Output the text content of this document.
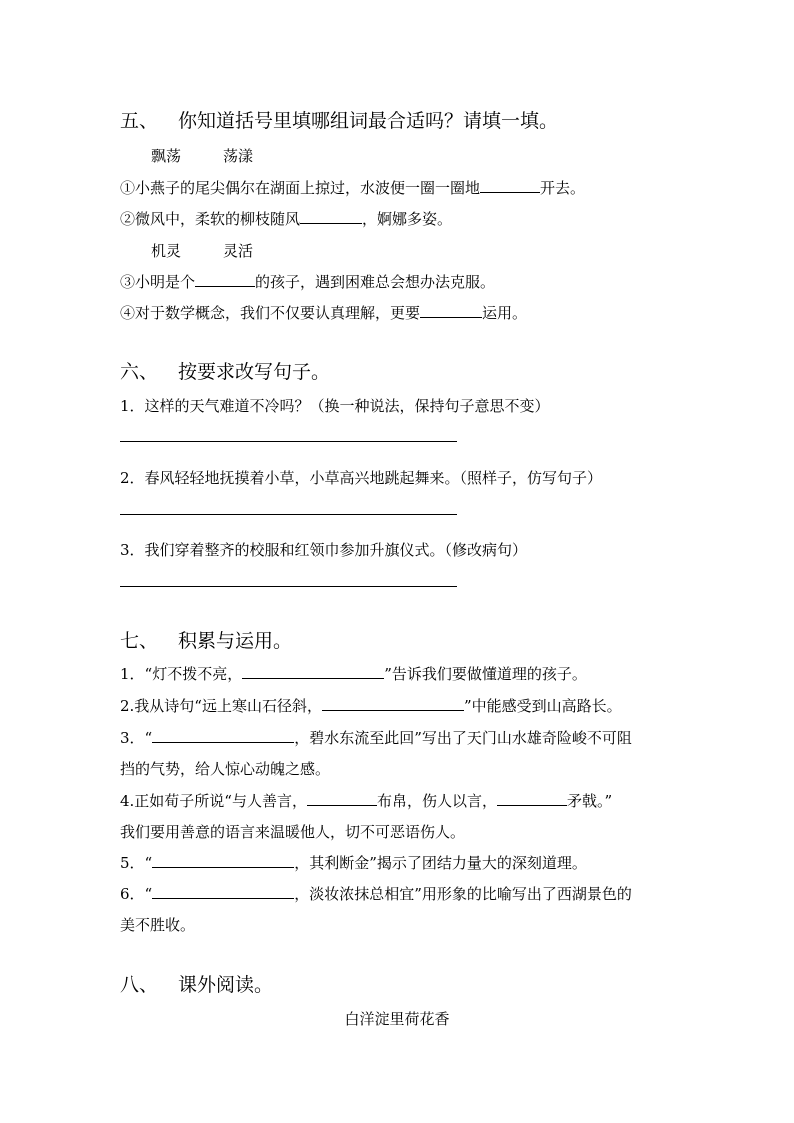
五、 你知道括号里填哪组词最合适吗？请填一填。
飘荡	荡漾
①小燕子的尾尖偶尔在湖面上掠过，水波便一圈一圈地	开去。
②微风中，柔软的柳枝随风	，婀娜多姿。
机灵	灵活
③小明是个	的孩子，遇到困难总会想办法克服。
④对于数学概念，我们不仅要认真理解，更要	运用。
六、 按要求改写句子。
1．这样的天气难道不冷吗？（换一种说法，保持句子意思不变）
2．春风轻轻地抚摸着小草，小草高兴地跳起舞来。（照样子，仿写句子）
3．我们穿着整齐的校服和红领巾参加升旗仪式。（修改病句）
七、 积累与运用。
1．“灯不拨不亮，	”告诉我们要做懂道理的孩子。
2.我从诗句“远上寒山石径斜，	”中能感受到山高路长。
3．“	，碧水东流至此回”写出了天门山水雄奇险峻不可阻
挡的气势，给人惊心动魄之感。
4.正如荀子所说“与人善言，	布帛，伤人以言，	矛戟。”
我们要用善意的语言来温暖他人，切不可恶语伤人。
5．“	，其利断金”揭示了团结力量大的深刻道理。
6．“	，淡妆浓抹总相宜”用形象的比喻写出了西湖景色的
美不胜收。
八、 课外阅读。
白洋淀里荷花香
